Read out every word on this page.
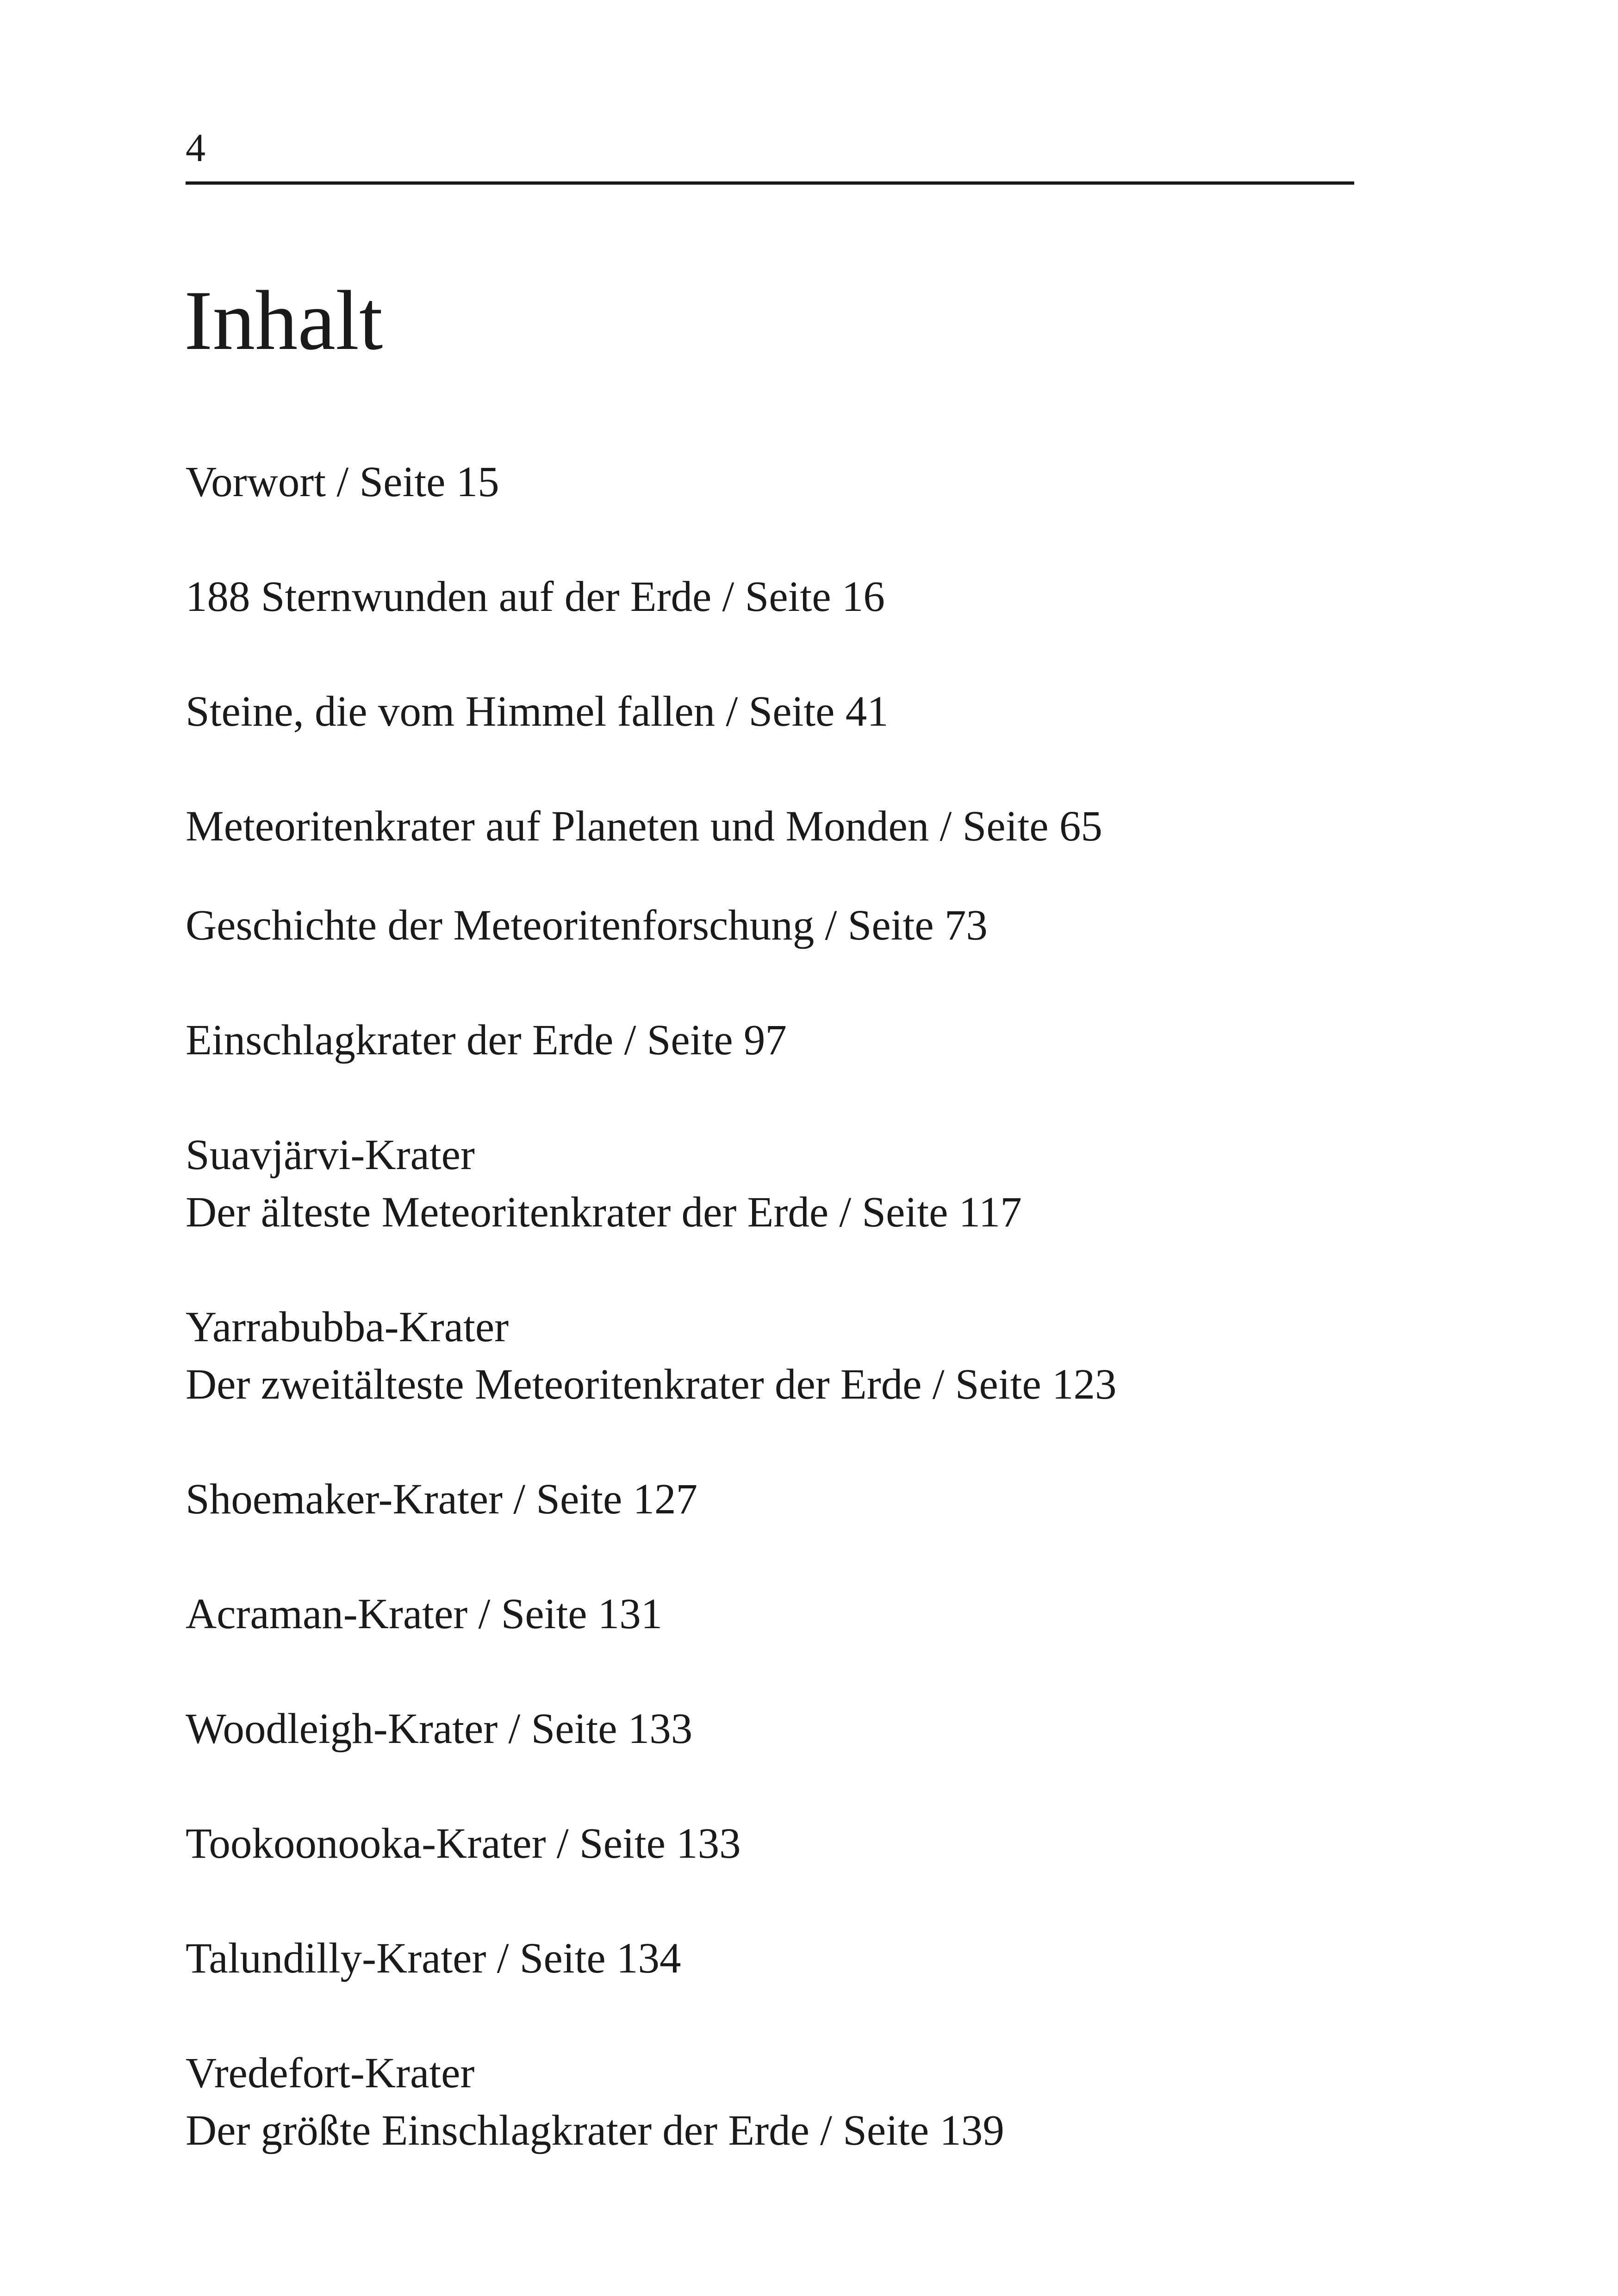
4
Inhalt
Vorwort / Seite 15
188 Sternwunden auf der Erde / Seite 16
Steine, die vom Himmel fallen / Seite 41
Meteoritenkrater auf Planeten und Monden / Seite 65
Geschichte der Meteoritenforschung / Seite 73
Einschlagkrater der Erde / Seite 97
Suavjärvi-Krater
Der älteste Meteoritenkrater der Erde / Seite 117
Yarrabubba-Krater
Der zweitälteste Meteoritenkrater der Erde / Seite 123
Shoemaker-Krater / Seite 127
Acraman-Krater / Seite 131
Woodleigh-Krater / Seite 133
Tookoonooka-Krater / Seite 133
Talundilly-Krater / Seite 134
Vredefort-Krater
Der größte Einschlagkrater der Erde / Seite 139
